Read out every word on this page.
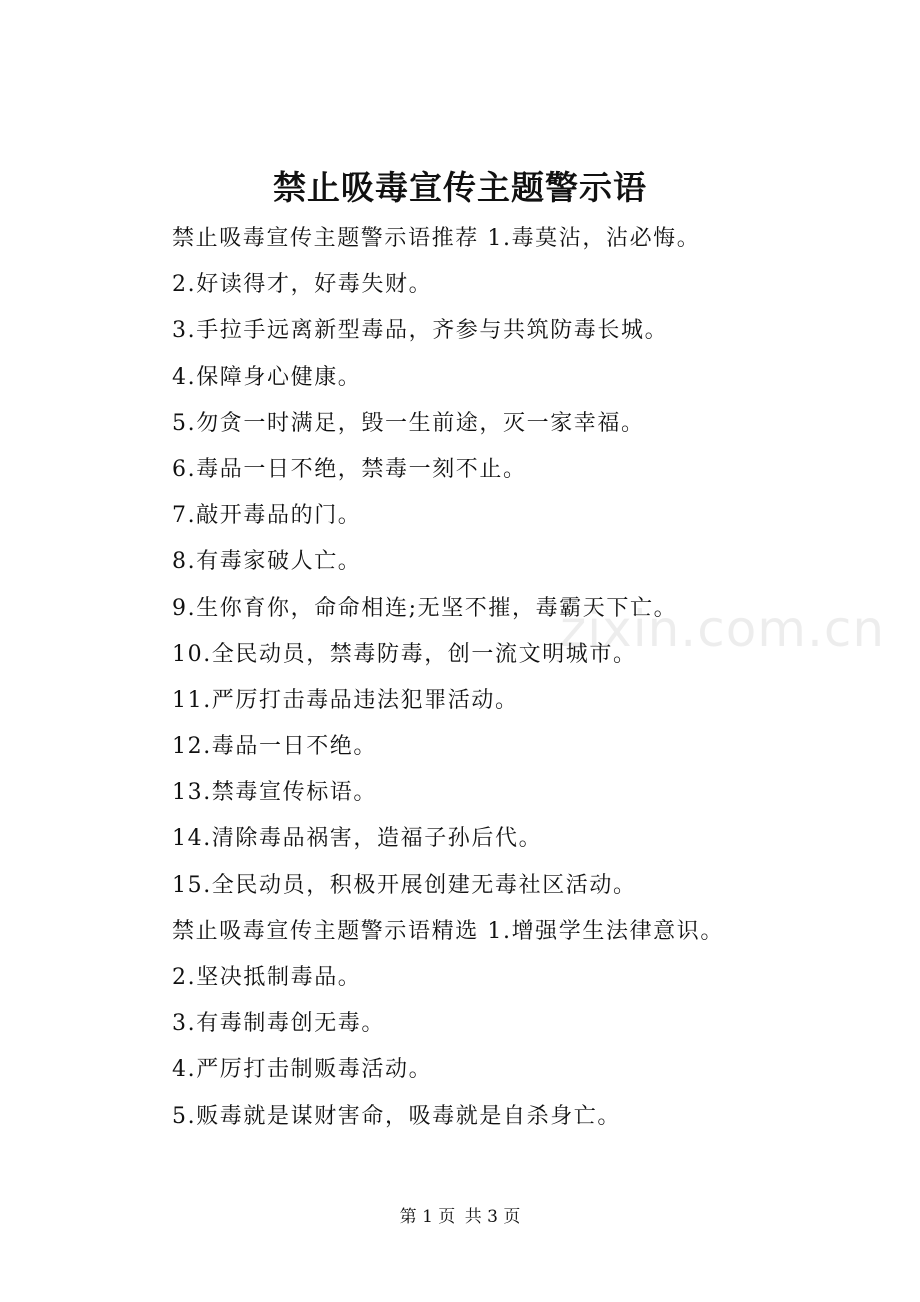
禁止吸毒宣传主题警示语
禁止吸毒宣传主题警示语推荐 1.毒莫沾，沾必悔。
2.好读得才，好毒失财。
3.手拉手远离新型毒品，齐参与共筑防毒长城。
4.保障身心健康。
5.勿贪一时满足，毁一生前途，灭一家幸福。
6.毒品一日不绝，禁毒一刻不止。
7.敲开毒品的门。
8.有毒家破人亡。
9.生你育你，命命相连;无坚不摧，毒霸天下亡。
10.全民动员，禁毒防毒，创一流文明城市。
11.严厉打击毒品违法犯罪活动。
12.毒品一日不绝。
13.禁毒宣传标语。
14.清除毒品祸害，造福子孙后代。
15.全民动员，积极开展创建无毒社区活动。
禁止吸毒宣传主题警示语精选 1.增强学生法律意识。
2.坚决抵制毒品。
3.有毒制毒创无毒。
4.严厉打击制贩毒活动。
5.贩毒就是谋财害命，吸毒就是自杀身亡。
zixin.com.cn
第 1 页 共 3 页
